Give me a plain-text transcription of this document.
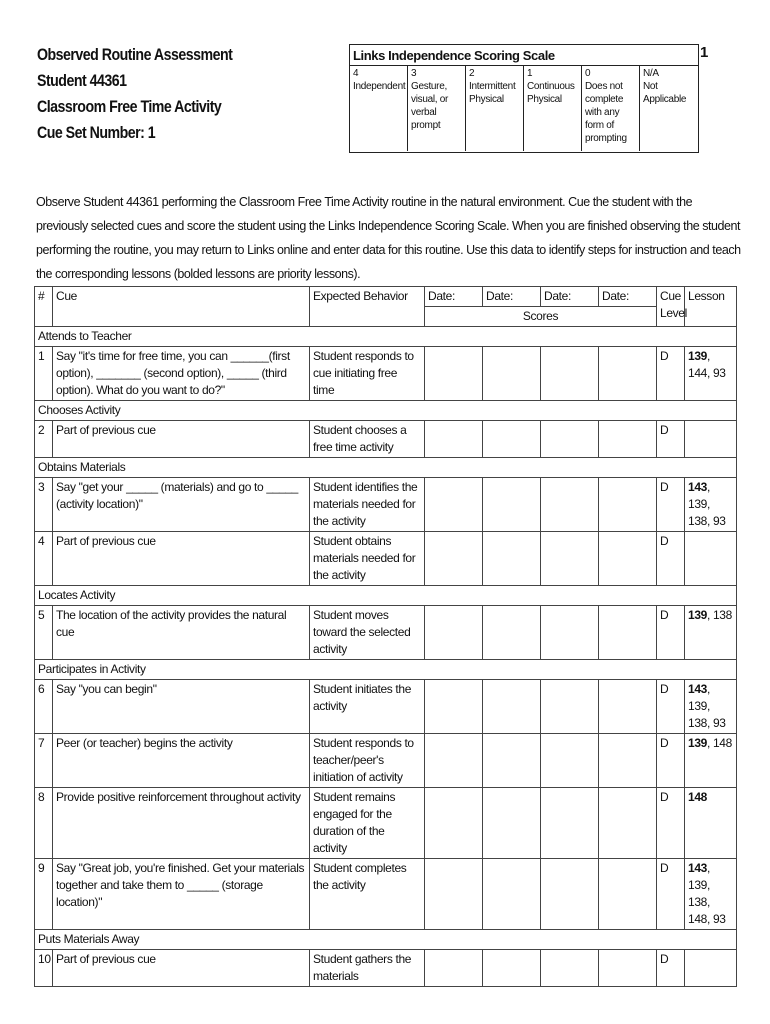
Observed Routine Assessment
Student 44361
Classroom Free Time Activity
Cue Set Number: 1
1
Links Independence Scoring Scale
4
Independent
3
Gesture, visual, or verbal prompt
2
Intermittent Physical
1
Continuous Physical
0
Does not complete with any form of prompting
N/A
Not Applicable
Observe Student 44361 performing the Classroom Free Time Activity routine in the natural environment. Cue the student with the previously selected cues and score the student using the Links Independence Scoring Scale. When you are finished observing the student performing the routine, you may return to Links online and enter data for this routine. Use this data to identify steps for instruction and teach the corresponding lessons (bolded lessons are priority lessons).
#	Cue	Expected Behavior	Date:	Date:	Date:	Date:	Cue Level	Lesson
			Scores					
Attends to Teacher								
1	Say "it's time for free time, you can ______(first option), _______ (second option), _____ (third option). What do you want to do?"	Student responds to cue initiating free time					D	139, 144, 93
Chooses Activity								
2	Part of previous cue	Student chooses a free time activity					D	
Obtains Materials								
3	Say "get your _____ (materials) and go to _____ (activity location)"	Student identifies the materials needed for the activity					D	143, 139, 138, 93
4	Part of previous cue	Student obtains materials needed for the activity					D	
Locates Activity								
5	The location of the activity provides the natural cue	Student moves toward the selected activity					D	139, 138
Participates in Activity								
6	Say "you can begin"	Student initiates the activity					D	143, 139, 138, 93
7	Peer (or teacher) begins the activity	Student responds to teacher/peer's initiation of activity					D	139, 148
8	Provide positive reinforcement throughout activity	Student remains engaged for the duration of the activity					D	148
9	Say "Great job, you're finished. Get your materials together and take them to _____ (storage location)"	Student completes the activity					D	143, 139, 138, 148, 93
Puts Materials Away								
10	Part of previous cue	Student gathers the materials					D	
